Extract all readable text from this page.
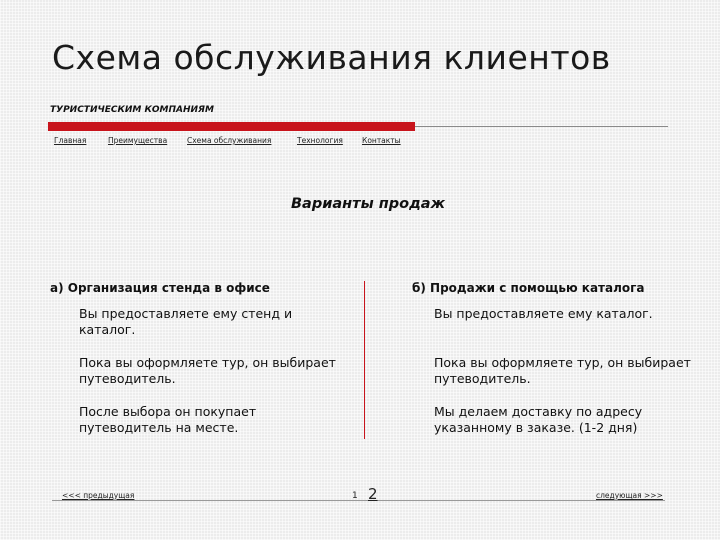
Схема обслуживания клиентов
ТУРИСТИЧЕСКИМ КОМПАНИЯМ
Главная	Преимущества	Схема обслуживания	Технология	Контакты
Варианты продаж
а) Организация стенда в офисе	б) Продажи с помощью каталога
Вы предоставляете ему стенд и каталог.
Пока вы оформляете тур, он выбирает путеводитель.
После выбора он покупает путеводитель на месте.
Вы предоставляете ему каталог.
Пока вы оформляете тур, он выбирает путеводитель.
Мы делаем доставку по адресу указанному в заказе. (1-2 дня)
<<< предыдущая	1 2	следующая >>>
